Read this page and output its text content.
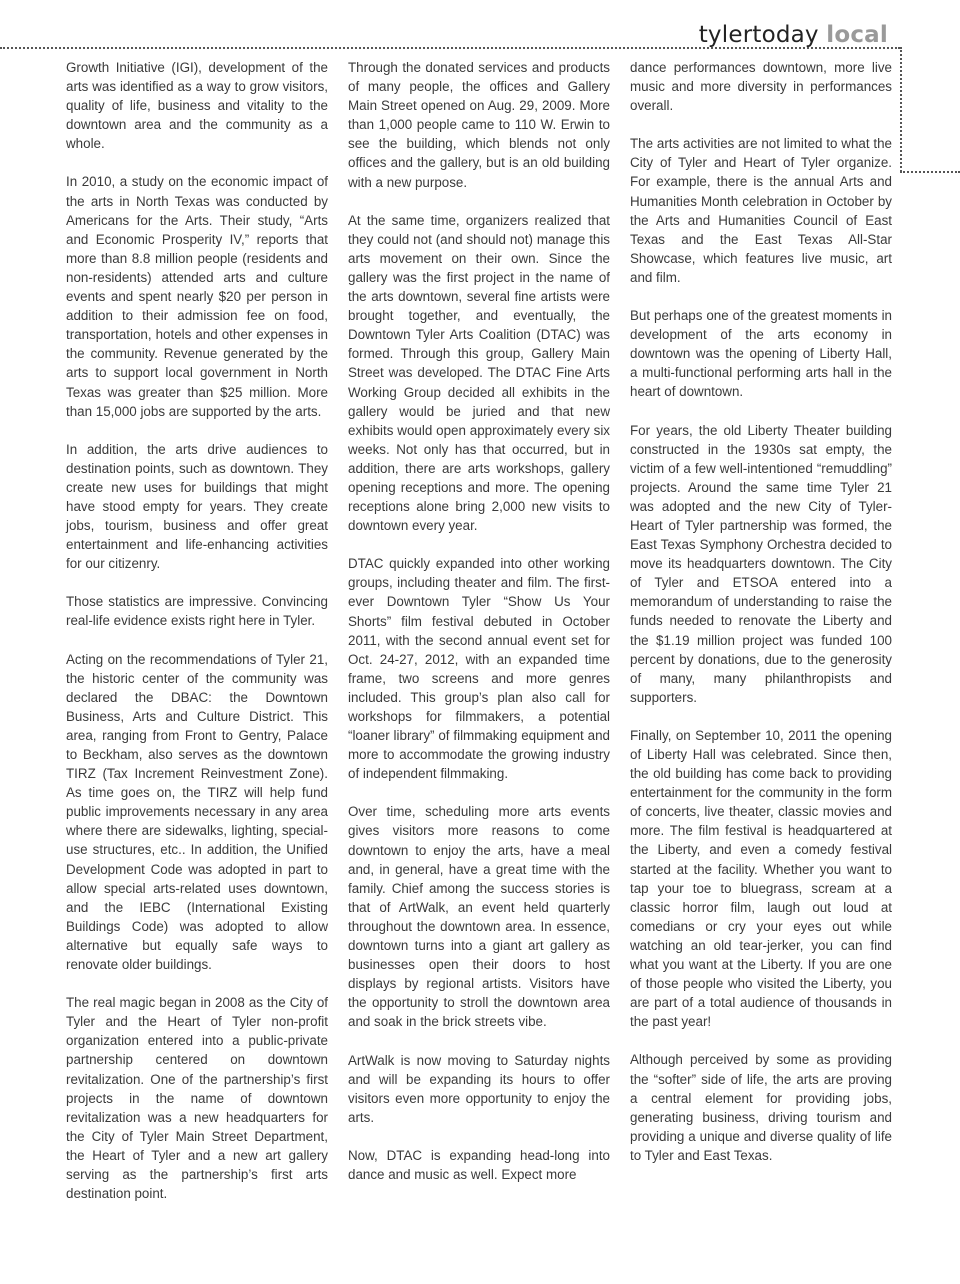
tylertoday local

Growth Initiative (IGI), development of the arts was identified as a way to grow visitors, quality of life, business and vitality to the downtown area and the community as a whole.

In 2010, a study on the economic impact of the arts in North Texas was conducted by Americans for the Arts. Their study, “Arts and Economic Prosperity IV,” reports that more than 8.8 million people (residents and non-residents) attended arts and culture events and spent nearly $20 per person in addition to their admission fee on food, transportation, hotels and other expenses in the community. Revenue generated by the arts to support local government in North Texas was greater than $25 million. More than 15,000 jobs are supported by the arts.

In addition, the arts drive audiences to destination points, such as downtown. They create new uses for buildings that might have stood empty for years. They create jobs, tourism, business and offer great entertainment and life-enhancing activities for our citizenry.

Those statistics are impressive. Convincing real-life evidence exists right here in Tyler.

Acting on the recommendations of Tyler 21, the historic center of the community was declared the DBAC: the Downtown Business, Arts and Culture District. This area, ranging from Front to Gentry, Palace to Beckham, also serves as the downtown TIRZ (Tax Increment Reinvestment Zone). As time goes on, the TIRZ will help fund public improvements necessary in any area where there are sidewalks, lighting, special-use structures, etc.. In addition, the Unified Development Code was adopted in part to allow special arts-related uses downtown, and the IEBC (International Existing Buildings Code) was adopted to allow alternative but equally safe ways to renovate older buildings.

The real magic began in 2008 as the City of Tyler and the Heart of Tyler non-profit organization entered into a public-private partnership centered on downtown revitalization. One of the partnership’s first projects in the name of downtown revitalization was a new headquarters for the City of Tyler Main Street Department, the Heart of Tyler and a new art gallery serving as the partnership’s first arts destination point.

Through the donated services and products of many people, the offices and Gallery Main Street opened on Aug. 29, 2009. More than 1,000 people came to 110 W. Erwin to see the building, which blends not only offices and the gallery, but is an old building with a new purpose.

At the same time, organizers realized that they could not (and should not) manage this arts movement on their own. Since the gallery was the first project in the name of the arts downtown, several fine artists were brought together, and eventually, the Downtown Tyler Arts Coalition (DTAC) was formed. Through this group, Gallery Main Street was developed. The DTAC Fine Arts Working Group decided all exhibits in the gallery would be juried and that new exhibits would open approximately every six weeks. Not only has that occurred, but in addition, there are arts workshops, gallery opening receptions and more. The opening receptions alone bring 2,000 new visits to downtown every year.

DTAC quickly expanded into other working groups, including theater and film. The first-ever Downtown Tyler “Show Us Your Shorts” film festival debuted in October 2011, with the second annual event set for Oct. 24-27, 2012, with an expanded time frame, two screens and more genres included. This group’s plan also call for workshops for filmmakers, a potential “loaner library” of filmmaking equipment and more to accommodate the growing industry of independent filmmaking.

Over time, scheduling more arts events gives visitors more reasons to come downtown to enjoy the arts, have a meal and, in general, have a great time with the family. Chief among the success stories is that of ArtWalk, an event held quarterly throughout the downtown area. In essence, downtown turns into a giant art gallery as businesses open their doors to host displays by regional artists. Visitors have the opportunity to stroll the downtown area and soak in the brick streets vibe.

ArtWalk is now moving to Saturday nights and will be expanding its hours to offer visitors even more opportunity to enjoy the arts.

Now, DTAC is expanding head-long into dance and music as well. Expect more

dance performances downtown, more live music and more diversity in performances overall.

The arts activities are not limited to what the City of Tyler and Heart of Tyler organize. For example, there is the annual Arts and Humanities Month celebration in October by the Arts and Humanities Council of East Texas and the East Texas All-Star Showcase, which features live music, art and film.

But perhaps one of the greatest moments in development of the arts economy in downtown was the opening of Liberty Hall, a multi-functional performing arts hall in the heart of downtown.

For years, the old Liberty Theater building constructed in the 1930s sat empty, the victim of a few well-intentioned “remuddling” projects. Around the same time Tyler 21 was adopted and the new City of Tyler-Heart of Tyler partnership was formed, the East Texas Symphony Orchestra decided to move its headquarters downtown. The City of Tyler and ETSOA entered into a memorandum of understanding to raise the funds needed to renovate the Liberty and the $1.19 million project was funded 100 percent by donations, due to the generosity of many, many philanthropists and supporters.

Finally, on September 10, 2011 the opening of Liberty Hall was celebrated. Since then, the old building has come back to providing entertainment for the community in the form of concerts, live theater, classic movies and more. The film festival is headquartered at the Liberty, and even a comedy festival started at the facility. Whether you want to tap your toe to bluegrass, scream at a classic horror film, laugh out loud at comedians or cry your eyes out while watching an old tear-jerker, you can find what you want at the Liberty. If you are one of those people who visited the Liberty, you are part of a total audience of thousands in the past year!

Although perceived by some as providing the “softer” side of life, the arts are proving a central element for providing jobs, generating business, driving tourism and providing a unique and diverse quality of life to Tyler and East Texas.
